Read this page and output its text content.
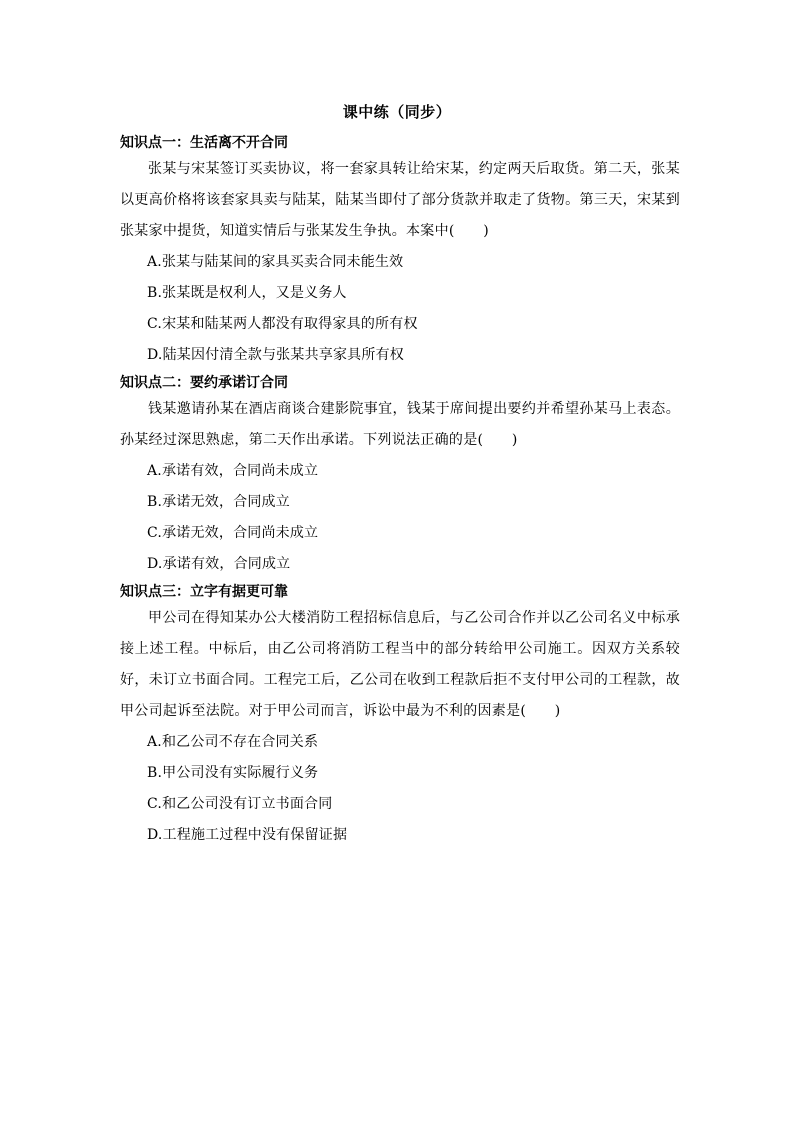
课中练（同步）
知识点一：生活离不开合同

张某与宋某签订买卖协议，将一套家具转让给宋某，约定两天后取货。第二天，张某以更高价格将该套家具卖与陆某，陆某当即付了部分货款并取走了货物。第三天，宋某到张某家中提货，知道实情后与张某发生争执。本案中(　　)

A.张某与陆某间的家具买卖合同未能生效
B.张某既是权利人，又是义务人
C.宋某和陆某两人都没有取得家具的所有权
D.陆某因付清全款与张某共享家具所有权
知识点二：要约承诺订合同

钱某邀请孙某在酒店商谈合建影院事宜，钱某于席间提出要约并希望孙某马上表态。孙某经过深思熟虑，第二天作出承诺。下列说法正确的是(　　)

A.承诺有效，合同尚未成立
B.承诺无效，合同成立
C.承诺无效，合同尚未成立
D.承诺有效，合同成立
知识点三：立字有据更可靠

甲公司在得知某办公大楼消防工程招标信息后，与乙公司合作并以乙公司名义中标承接上述工程。中标后，由乙公司将消防工程当中的部分转给甲公司施工。因双方关系较好，未订立书面合同。工程完工后，乙公司在收到工程款后拒不支付甲公司的工程款，故甲公司起诉至法院。对于甲公司而言，诉讼中最为不利的因素是(　　)

A.和乙公司不存在合同关系
B.甲公司没有实际履行义务
C.和乙公司没有订立书面合同
D.工程施工过程中没有保留证据
